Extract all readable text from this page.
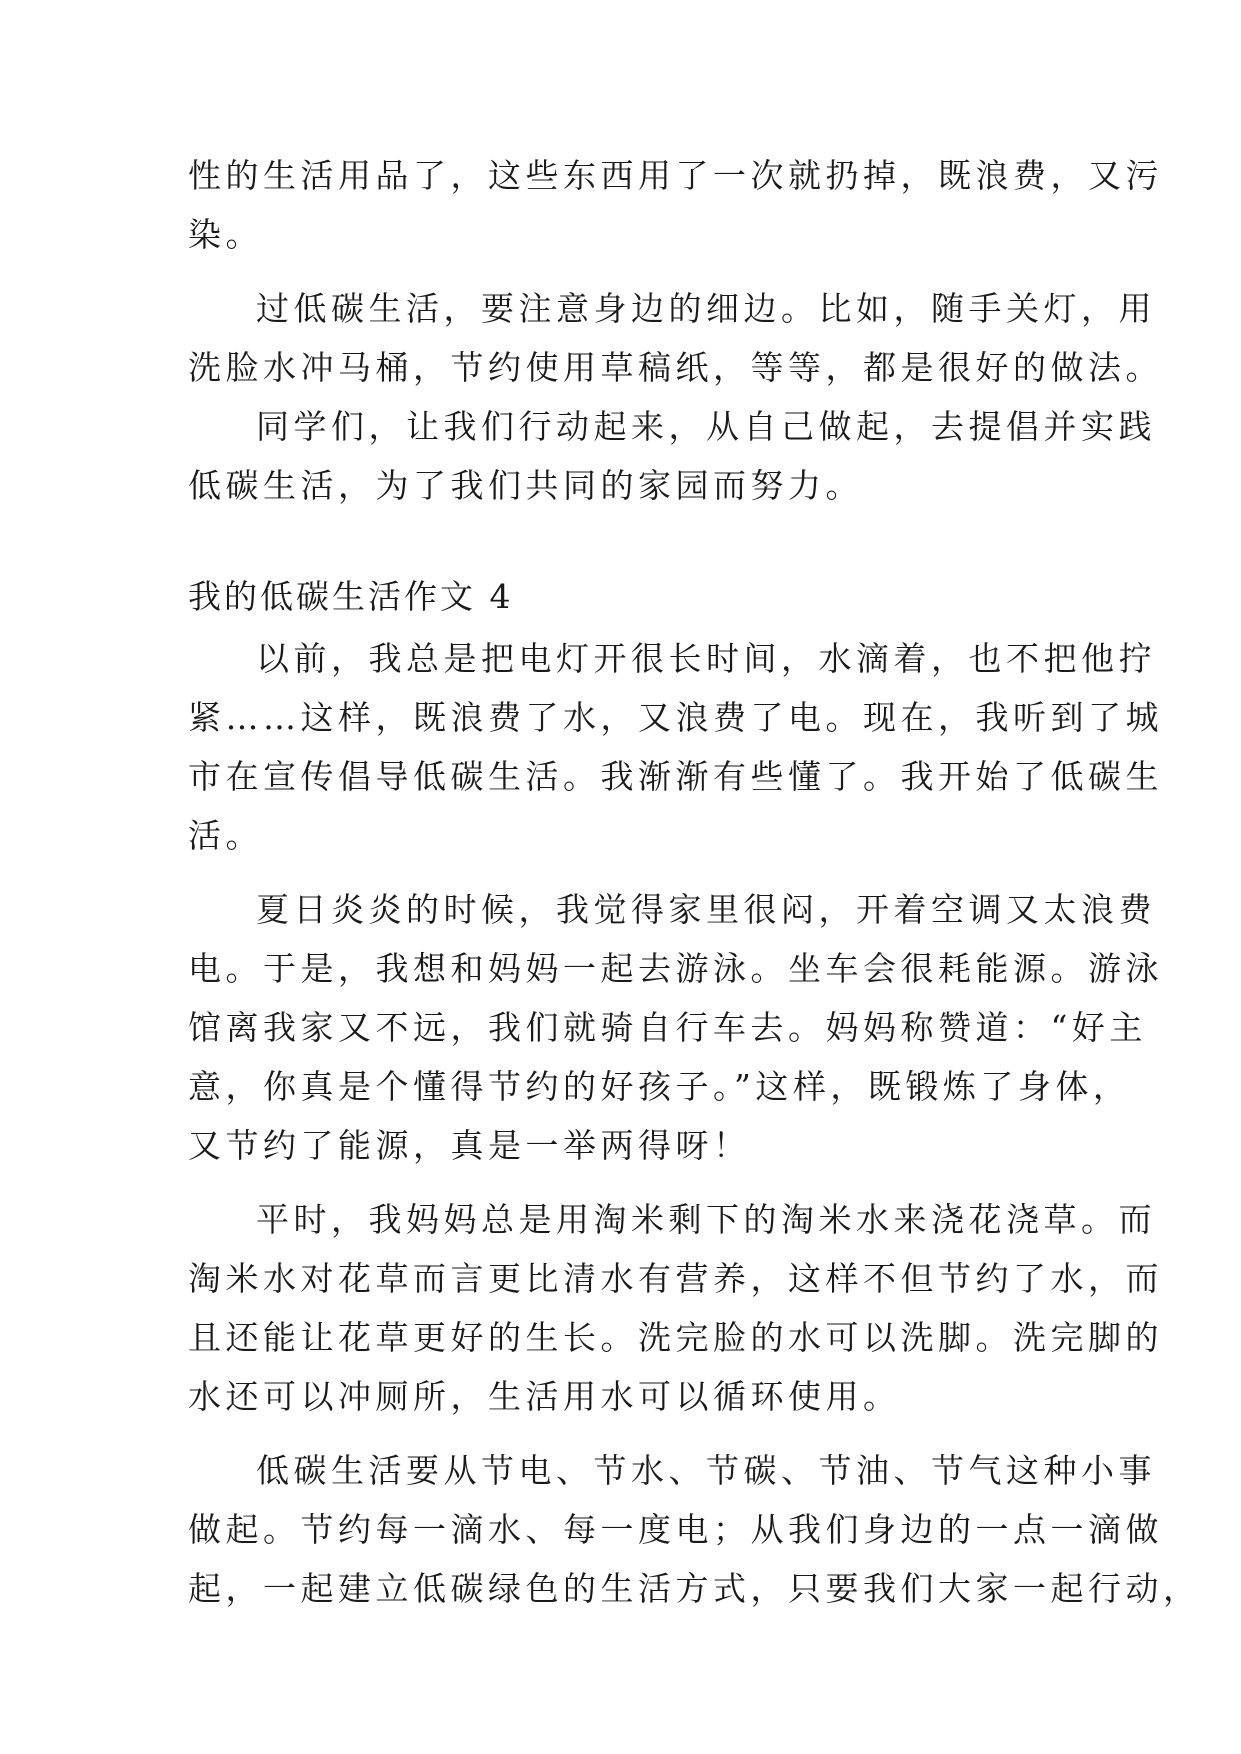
性的生活用品了，这些东西用了一次就扔掉，既浪费，又污
染。
过低碳生活，要注意身边的细边。比如，随手关灯，用
洗脸水冲马桶，节约使用草稿纸，等等，都是很好的做法。
同学们，让我们行动起来，从自己做起，去提倡并实践
低碳生活，为了我们共同的家园而努力。
我的低碳生活作文 4
以前，我总是把电灯开很长时间，水滴着，也不把他拧
紧……这样，既浪费了水，又浪费了电。现在，我听到了城
市在宣传倡导低碳生活。我渐渐有些懂了。我开始了低碳生
活。
夏日炎炎的时候，我觉得家里很闷，开着空调又太浪费
电。于是，我想和妈妈一起去游泳。坐车会很耗能源。游泳
馆离我家又不远，我们就骑自行车去。妈妈称赞道：“好主
意，你真是个懂得节约的好孩子。”这样，既锻炼了身体，
又节约了能源，真是一举两得呀！
平时，我妈妈总是用淘米剩下的淘米水来浇花浇草。而
淘米水对花草而言更比清水有营养，这样不但节约了水，而
且还能让花草更好的生长。洗完脸的水可以洗脚。洗完脚的
水还可以冲厕所，生活用水可以循环使用。
低碳生活要从节电、节水、节碳、节油、节气这种小事
做起。节约每一滴水、每一度电；从我们身边的一点一滴做
起，一起建立低碳绿色的生活方式，只要我们大家一起行动，
